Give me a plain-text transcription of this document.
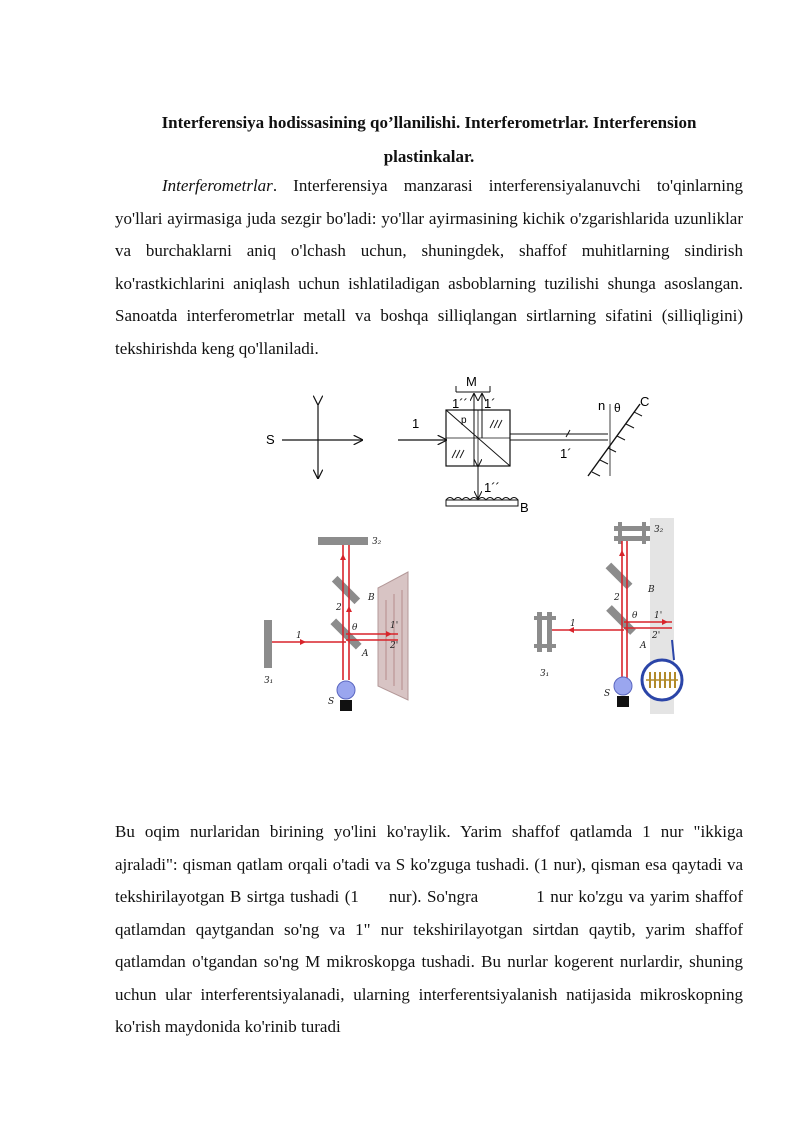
Interferensiya hodissasining qo’llanilishi. Interferometrlar. Interferension
plastinkalar.
Interferometrlar. Interferensiya manzarasi interferensiyalanuvchi to'qinlarning yo'llari ayirmasiga juda sezgir bo'ladi: yo'llar ayirmasining kichik o'zgarishlarida uzunliklar va burchaklarni aniq o'lchash uchun, shuningdek, shaffof muhitlarning sindirish ko'rastkichlarini aniqlash uchun ishlatiladigan asboblarning tuzilishi shunga asoslangan. Sanoatda interferometrlar metall va boshqa silliqlangan sirtlarning sifatini (silliqligini) tekshirishda keng qo'llaniladi.
S
1	p
M
1´´ 1´
1´
n θ C
1´´
B
З₂
З₁
B
A
S
θ
1
2
1'
2'
З₂
З₁
B
A
S
θ
1
2
1'
2'
Bu oqim nurlaridan birining yo'lini ko'raylik. Yarim shaffof qatlamda 1 nur "ikkiga ajraladi": qisman qatlam orqali o'tadi va S ko'zguga tushadi. (1 nur), qisman esa qaytadi va tekshirilayotgan B sirtga tushadi (1 nur). So'ngra	1 nur ko'zgu va yarim shaffof qatlamdan qaytgandan so'ng va 1" nur tekshirilayotgan sirtdan qaytib, yarim shaffof qatlamdan o'tgandan so'ng M mikroskopga tushadi. Bu nurlar kogerent nurlardir, shuning uchun ular interferentsiyalanadi, ularning interferentsiyalanish natijasida mikroskopning ko'rish maydonida ko'rinib turadi
